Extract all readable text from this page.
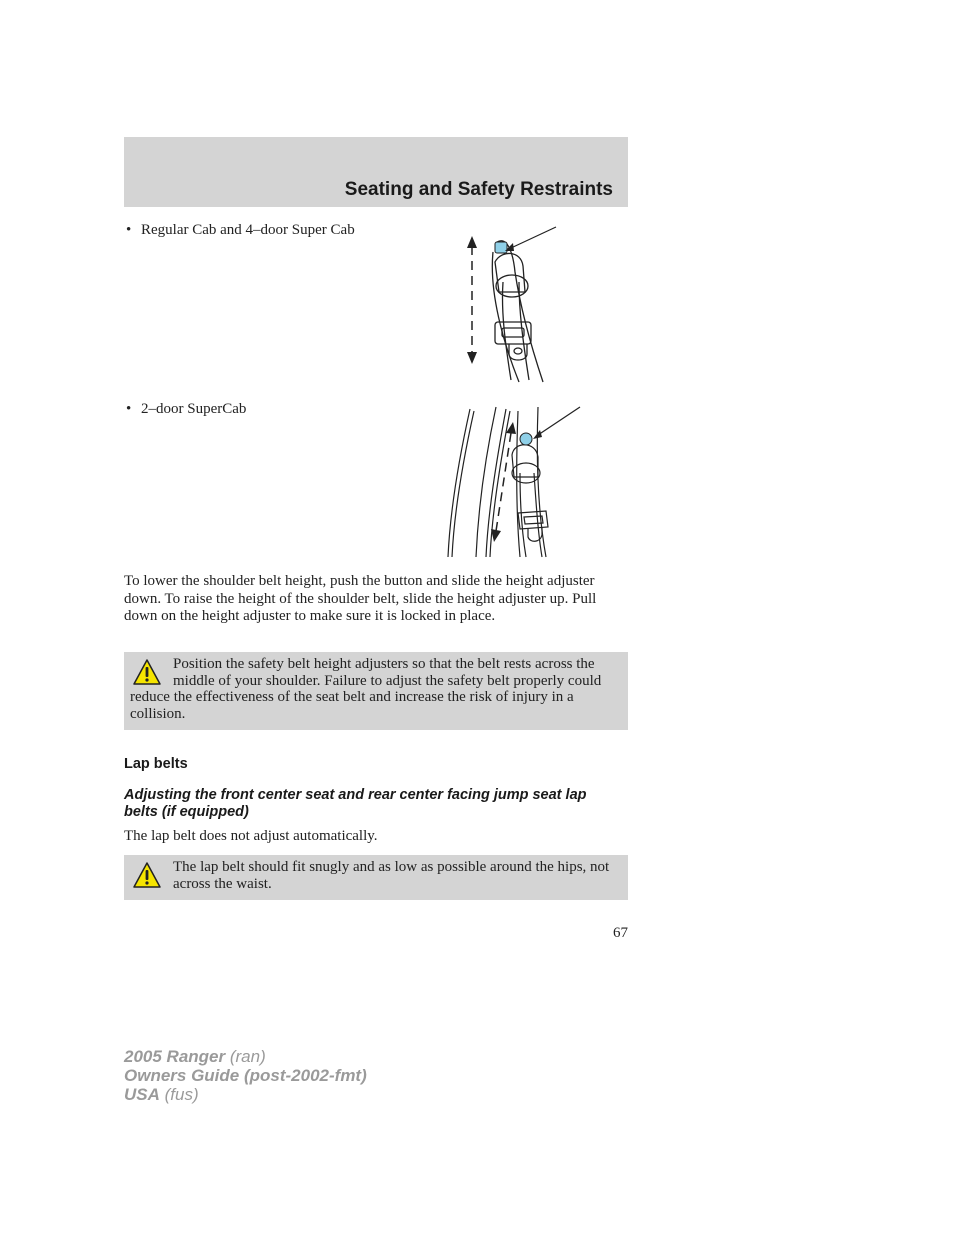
Seating and Safety Restraints
• Regular Cab and 4–door Super Cab
• 2–door SuperCab

To lower the shoulder belt height, push the button and slide the height adjuster down. To raise the height of the shoulder belt, slide the height adjuster up. Pull down on the height adjuster to make sure it is locked in place.

Position the safety belt height adjusters so that the belt rests across the middle of your shoulder. Failure to adjust the safety belt properly could reduce the effectiveness of the seat belt and increase the risk of injury in a collision.

Lap belts
Adjusting the front center seat and rear center facing jump seat lap belts (if equipped)

The lap belt does not adjust automatically.

The lap belt should fit snugly and as low as possible around the hips, not across the waist.

67
2005 Ranger (ran)
Owners Guide (post-2002-fmt)
USA (fus)
